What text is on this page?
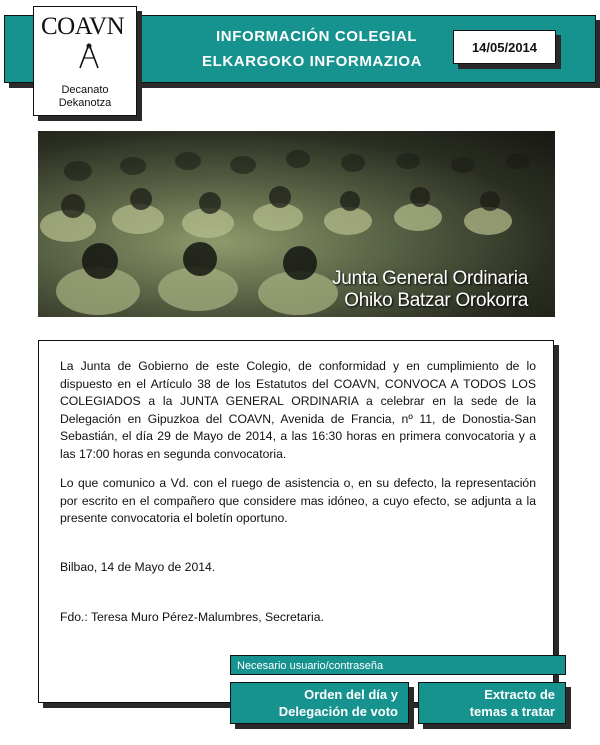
INFORMACIÓN COLEGIAL
ELKARGOKO INFORMAZIOA
14/05/2014
COAVN
Decanato
Dekanotza
Junta General Ordinaria
Ohiko Batzar Orokorra

La Junta de Gobierno de este Colegio, de conformidad y en cumplimiento de lo dispuesto en el Artículo 38 de los Estatutos del COAVN, CONVOCA A TODOS LOS COLEGIADOS a la JUNTA GENERAL ORDINARIA a celebrar en la sede de la Delegación en Gipuzkoa del COAVN, Avenida de Francia, nº 11, de Donostia-San Sebastián, el día 29 de Mayo de 2014, a las 16:30 horas en primera convocatoria y a las 17:00 horas en segunda convocatoria.

Lo que comunico a Vd. con el ruego de asistencia o, en su defecto, la representación por escrito en el compañero que considere mas idóneo, a cuyo efecto, se adjunta a la presente convocatoria el boletín oportuno.

Bilbao, 14 de Mayo de 2014.

Fdo.: Teresa Muro Pérez-Malumbres, Secretaria.

Necesario usuario/contraseña
Orden del día y
Delegación de voto
Extracto de
temas a tratar
